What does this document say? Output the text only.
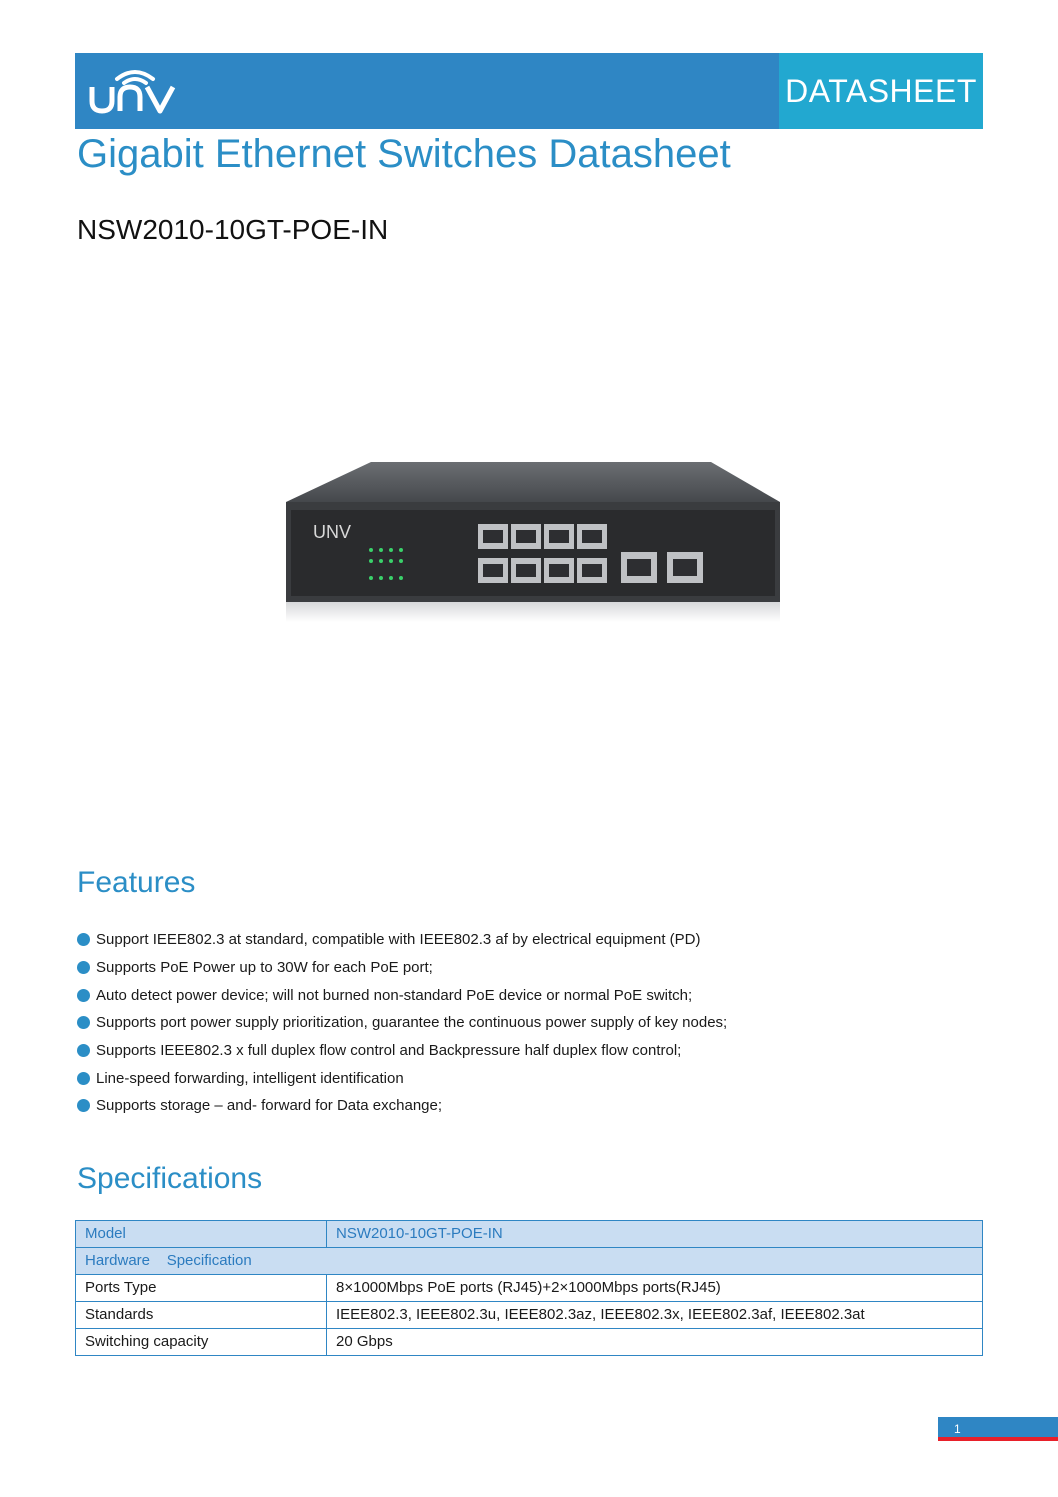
DATASHEET
Gigabit Ethernet Switches Datasheet
NSW2010-10GT-POE-IN
UNV
Features
Support IEEE802.3 at standard, compatible with IEEE802.3 af by electrical equipment (PD)
Supports PoE Power up to 30W for each PoE port;
Auto detect power device; will not burned non-standard PoE device or normal PoE switch;
Supports port power supply prioritization, guarantee the continuous power supply of key nodes;
Supports IEEE802.3 x full duplex flow control and Backpressure half duplex flow control;
Line-speed forwarding, intelligent identification
Supports storage – and- forward for Data exchange;
Specifications
Model	NSW2010-10GT-POE-IN
Hardware    Specification	
Ports Type	8×1000Mbps PoE ports (RJ45)+2×1000Mbps ports(RJ45)
Standards	IEEE802.3, IEEE802.3u, IEEE802.3az, IEEE802.3x, IEEE802.3af, IEEE802.3at
Switching capacity	20 Gbps
1
